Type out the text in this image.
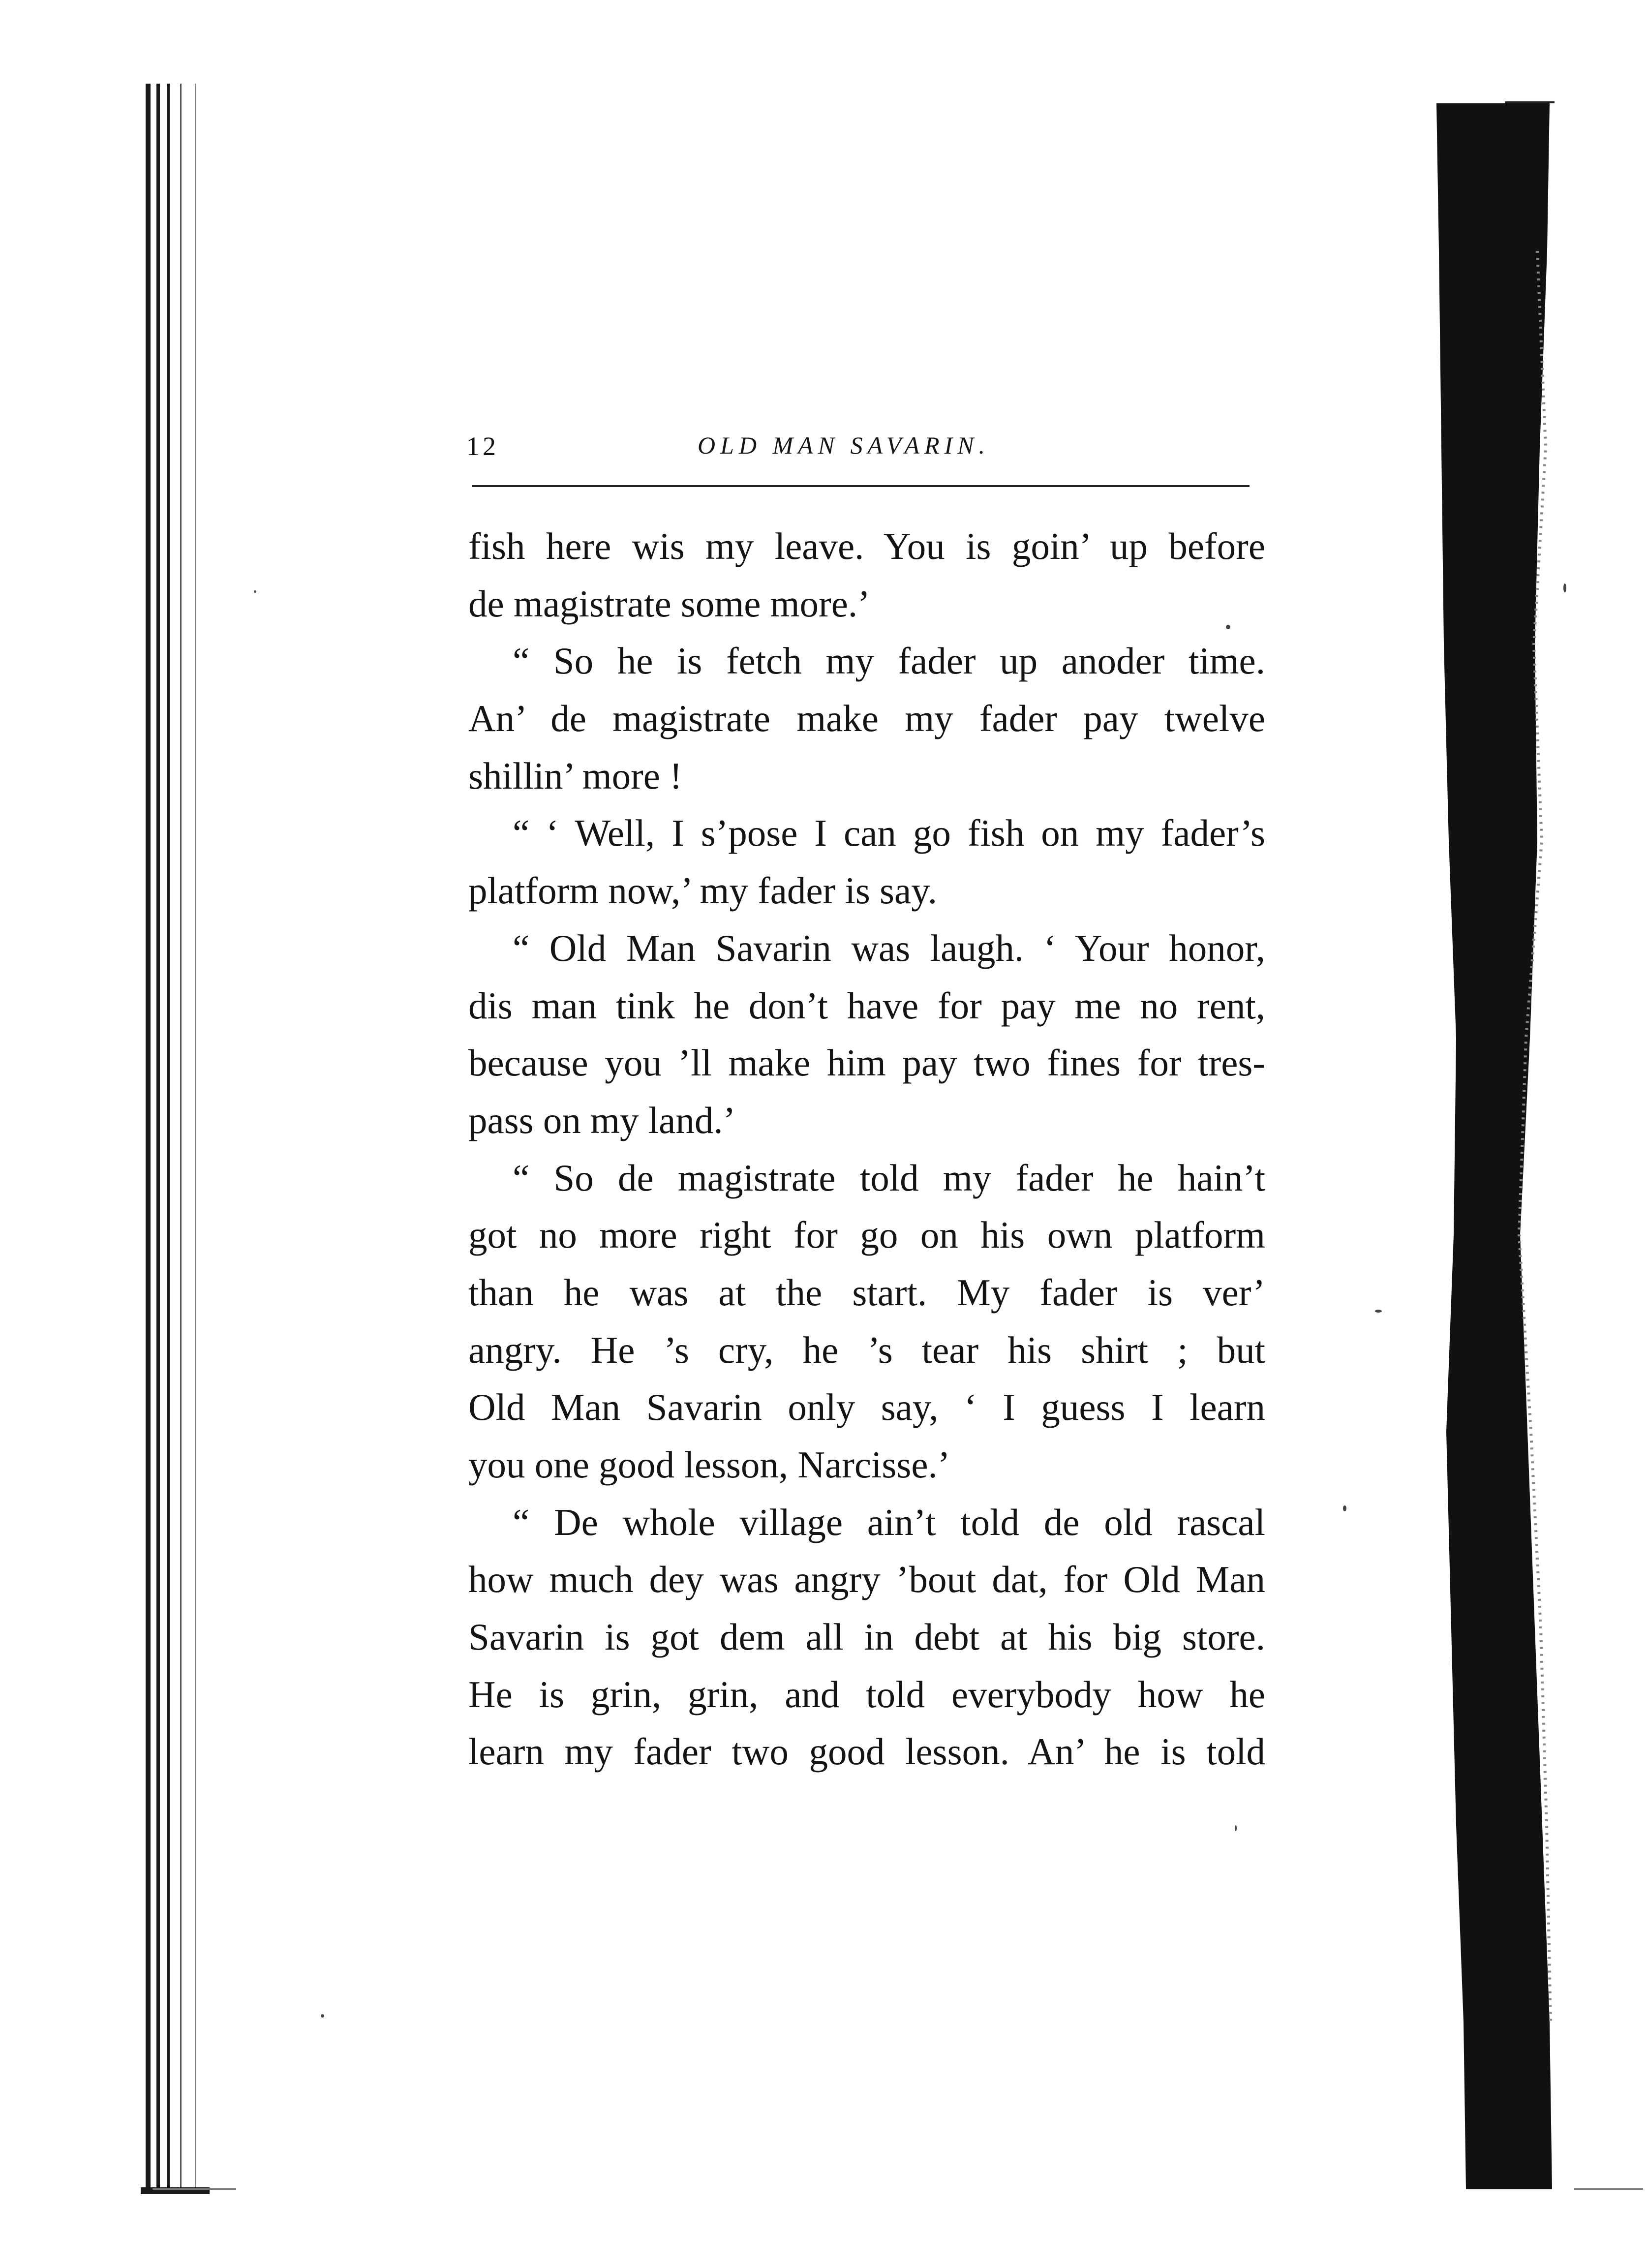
12	OLD MAN SAVARIN.
fish here wis my leave. You is goin’ up before
de magistrate some more.’
“ So he is fetch my fader up anoder time.
An’ de magistrate make my fader pay twelve
shillin’ more !
“ ‘ Well, I s’pose I can go fish on my fader’s
platform now,’ my fader is say.
“ Old Man Savarin was laugh. ‘ Your honor,
dis man tink he don’t have for pay me no rent,
because you ’ll make him pay two fines for tres-
pass on my land.’
“ So de magistrate told my fader he hain’t
got no more right for go on his own platform
than he was at the start. My fader is ver’
angry. He ’s cry, he ’s tear his shirt ; but
Old Man Savarin only say, ‘ I guess I learn
you one good lesson, Narcisse.’
“ De whole village ain’t told de old rascal
how much dey was angry ’bout dat, for Old Man
Savarin is got dem all in debt at his big store.
He is grin, grin, and told everybody how he
learn my fader two good lesson. An’ he is told
